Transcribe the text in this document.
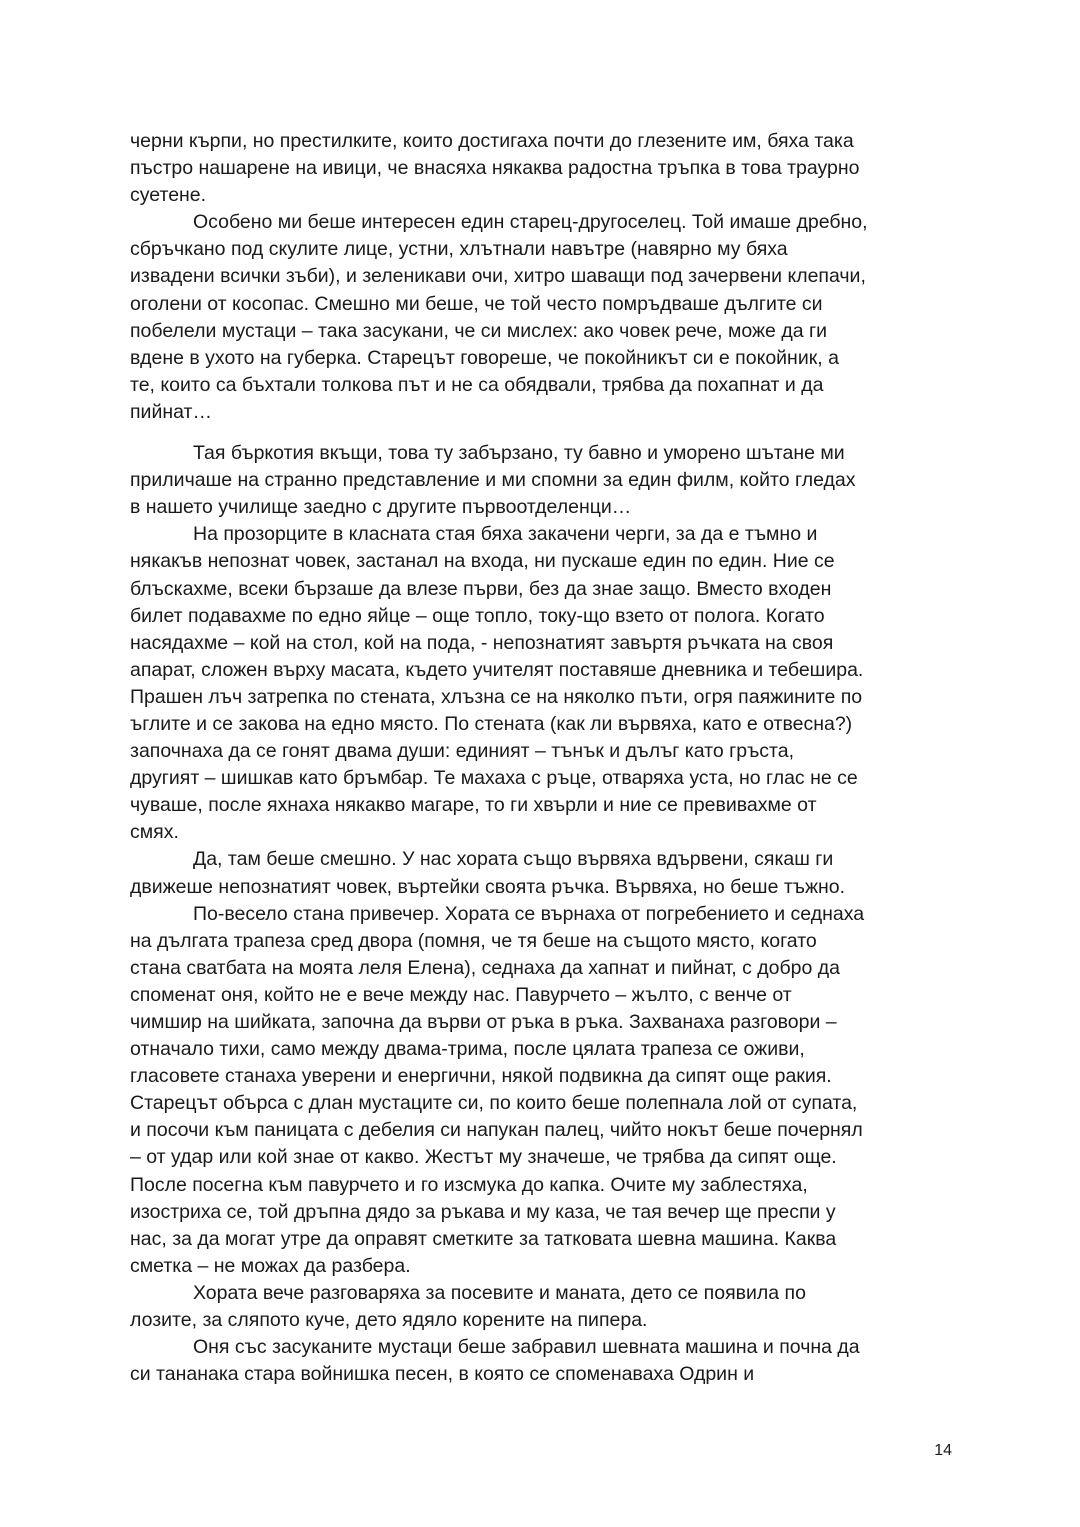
черни кърпи, но престилките, които достигаха почти до глезените им, бяха така
пъстро нашарене на ивици, че внасяха някаква радостна тръпка в това траурно
суетене.
Особено ми беше интересен един старец-другоселец. Той имаше дребно,
сбръчкано под скулите лице, устни, хлътнали навътре (навярно му бяха
извадени всички зъби), и зеленикави очи, хитро шаващи под зачервени клепачи,
оголени от косопас. Смешно ми беше, че той често помръдваше дългите си
побелели мустаци – така засукани, че си мислех: ако човек рече, може да ги
вдене в ухото на губерка. Старецът говореше, че покойникът си е покойник, а
те, които са бъхтали толкова път и не са обядвали, трябва да похапнат и да
пийнат…
Тая бъркотия вкъщи, това ту забързано, ту бавно и уморено шътане ми
приличаше на странно представление и ми спомни за един филм, който гледах
в нашето училище заедно с другите първоотделенци…
На прозорците в класната стая бяха закачени черги, за да е тъмно и
някакъв непознат човек, застанал на входа, ни пускаше един по един. Ние се
блъскахме, всеки бързаше да влезе първи, без да знае защо. Вместо входен
билет подавахме по едно яйце – още топло, току-що взето от полога. Когато
насядахме – кой на стол, кой на пода, - непознатият завъртя ръчката на своя
апарат, сложен върху масата, където учителят поставяше дневника и тебешира.
Прашен лъч затрепка по стената, хлъзна се на няколко пъти, огря паяжините по
ъглите и се закова на едно място. По стената (как ли вървяха, като е отвесна?)
започнаха да се гонят двама души: единият – тънък и дълъг като гръста,
другият – шишкав като бръмбар. Те махаха с ръце, отваряха уста, но глас не се
чуваше, после яхнаха някакво магаре, то ги хвърли и ние се превивахме от
смях.
Да, там беше смешно. У нас хората също вървяха вдървени, сякаш ги
движеше непознатият човек, въртейки своята ръчка. Вървяха, но беше тъжно.
По-весело стана привечер. Хората се върнаха от погребението и седнаха
на дългата трапеза сред двора (помня, че тя беше на същото място, когато
стана сватбата на моята леля Елена), седнаха да хапнат и пийнат, с добро да
споменат оня, който не е вече между нас. Павурчето – жълто, с венче от
чимшир на шийката, започна да върви от ръка в ръка. Захванаха разговори –
отначало тихи, само между двама-трима, после цялата трапеза се оживи,
гласовете станаха уверени и енергични, някой подвикна да сипят още ракия.
Старецът обърса с длан мустаците си, по които беше полепнала лой от супата,
и посочи към паницата с дебелия си напукан палец, чийто нокът беше почернял
– от удар или кой знае от какво. Жестът му значеше, че трябва да сипят още.
После посегна към павурчето и го изсмука до капка. Очите му заблестяха,
изостриха се, той дръпна дядо за ръкава и му каза, че тая вечер ще преспи у
нас, за да могат утре да оправят сметките за татковата шевна машина. Каква
сметка – не можах да разбера.
Хората вече разговаряха за посевите и маната, дето се появила по
лозите, за сляпото куче, дето ядяло корените на пипера.
Оня със засуканите мустаци беше забравил шевната машина и почна да
си тананака стара войнишка песен, в която се споменаваха Одрин и
14
